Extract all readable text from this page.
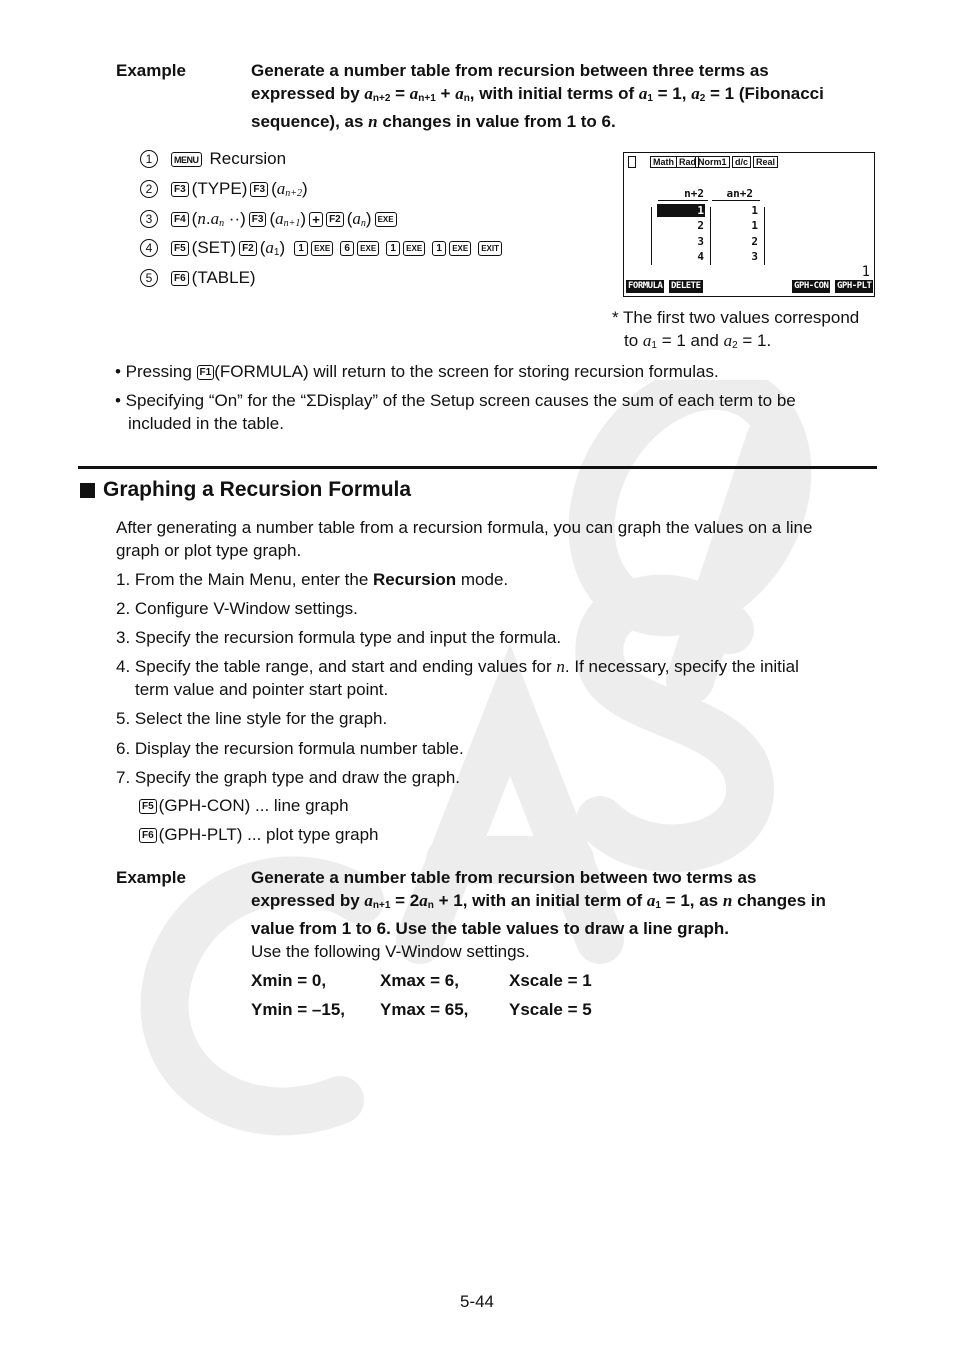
Example	Generate a number table from recursion between three terms as
expressed by $a_{n+2} = a_{n+1} + a_n$, with initial terms of $a_1 = 1$, $a_2 = 1$ (Fibonacci
sequence), as n changes in value from 1 to 6.
1	MENU Recursion
2	F3 (TYPE) F3 $(a_{n+2})$
3	F4 ($n.a_n$ ··) F3 $(a_{n+1}) + F2$ $(a_n)$ EXE
4	F5 (SET) F2 $(a_1)$	1	EXE	6	EXE	1	EXE	1	EXE	EXIT
5	F6 (TABLE)
Math Rad Norm1 d/c Real
n+2	an+2
1	1
2	1
3	2
4	3
1
FORMULA DELETE	GPH-CON GPH-PLT
* The first two values correspond
to $a_1 = 1$ and $a_2 = 1$.
• Pressing F1 (FORMULA) will return to the screen for storing recursion formulas.
• Specifying “On” for the “ΣDisplay” of the Setup screen causes the sum of each term to be
included in the table.
Graphing a Recursion Formula
After generating a number table from a recursion formula, you can graph the values on a line
graph or plot type graph.
1. From the Main Menu, enter the Recursion mode.
2. Configure V-Window settings.
3. Specify the recursion formula type and input the formula.
4. Specify the table range, and start and ending values for n. If necessary, specify the initial
term value and pointer start point.
5. Select the line style for the graph.
6. Display the recursion formula number table.
7. Specify the graph type and draw the graph.
F5 (GPH-CON) ... line graph
F6 (GPH-PLT) ... plot type graph
Example	Generate a number table from recursion between two terms as
expressed by $a_{n+1} = 2a_n + 1$, with an initial term of $a_1 = 1$, as n changes in
value from 1 to 6. Use the table values to draw a line graph.
Use the following V-Window settings.
Xmin = 0,	Xmax = 6,	Xscale = 1
Ymin = –15, Ymax = 65, Yscale = 5
5-44
